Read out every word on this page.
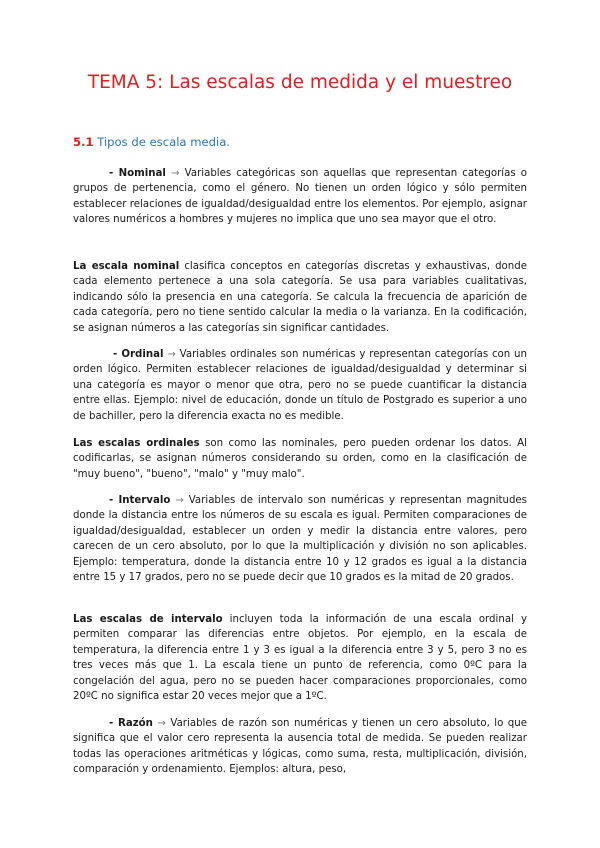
TEMA 5: Las escalas de medida y el muestreo
5.1 Tipos de escala media.

- Nominal → Variables categóricas son aquellas que representan categorías o grupos de pertenencia, como el género. No tienen un orden lógico y sólo permiten establecer relaciones de igualdad/desigualdad entre los elementos. Por ejemplo, asignar valores numéricos a hombres y mujeres no implica que uno sea mayor que el otro.

La escala nominal clasifica conceptos en categorías discretas y exhaustivas, donde cada elemento pertenece a una sola categoría. Se usa para variables cualitativas, indicando sólo la presencia en una categoría. Se calcula la frecuencia de aparición de cada categoría, pero no tiene sentido calcular la media o la varianza. En la codificación, se asignan números a las categorías sin significar cantidades.

- Ordinal → Variables ordinales son numéricas y representan categorías con un orden lógico. Permiten establecer relaciones de igualdad/desigualdad y determinar si una categoría es mayor o menor que otra, pero no se puede cuantificar la distancia entre ellas. Ejemplo: nivel de educación, donde un título de Postgrado es superior a uno de bachiller, pero la diferencia exacta no es medible.

Las escalas ordinales son como las nominales, pero pueden ordenar los datos. Al codificarlas, se asignan números considerando su orden, como en la clasificación de "muy bueno", "bueno", "malo" y "muy malo".

- Intervalo → Variables de intervalo son numéricas y representan magnitudes donde la distancia entre los números de su escala es igual. Permiten comparaciones de igualdad/desigualdad, establecer un orden y medir la distancia entre valores, pero carecen de un cero absoluto, por lo que la multiplicación y división no son aplicables. Ejemplo: temperatura, donde la distancia entre 10 y 12 grados es igual a la distancia entre 15 y 17 grados, pero no se puede decir que 10 grados es la mitad de 20 grados.

Las escalas de intervalo incluyen toda la información de una escala ordinal y permiten comparar las diferencias entre objetos. Por ejemplo, en la escala de temperatura, la diferencia entre 1 y 3 es igual a la diferencia entre 3 y 5, pero 3 no es tres veces más que 1. La escala tiene un punto de referencia, como 0ºC para la congelación del agua, pero no se pueden hacer comparaciones proporcionales, como 20ºC no significa estar 20 veces mejor que a 1ºC.

- Razón → Variables de razón son numéricas y tienen un cero absoluto, lo que significa que el valor cero representa la ausencia total de medida. Se pueden realizar todas las operaciones aritméticas y lógicas, como suma, resta, multiplicación, división, comparación y ordenamiento. Ejemplos: altura, peso,
